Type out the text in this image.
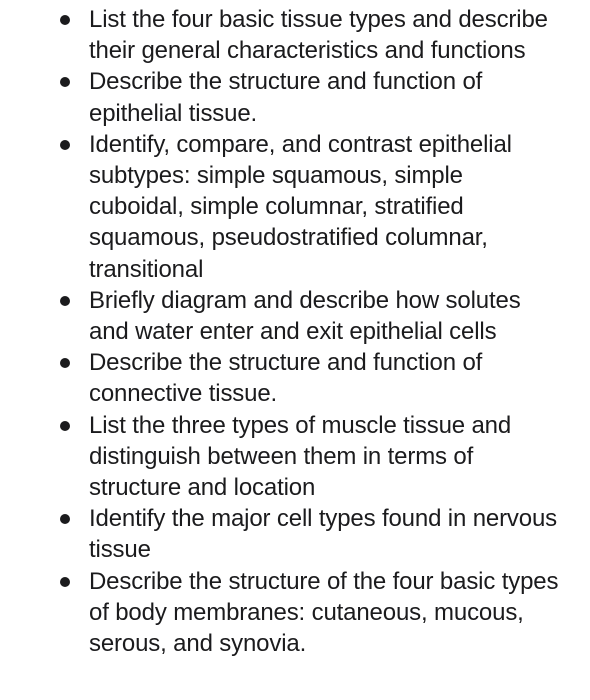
List the four basic tissue types and describe their general characteristics and functions
Describe the structure and function of epithelial tissue.
Identify, compare, and contrast epithelial subtypes: simple squamous, simple cuboidal, simple columnar, stratified squamous, pseudostratified columnar, transitional
Briefly diagram and describe how solutes and water enter and exit epithelial cells
Describe the structure and function of connective tissue.
List the three types of muscle tissue and distinguish between them in terms of structure and location
Identify the major cell types found in nervous tissue
Describe the structure of the four basic types of body membranes: cutaneous, mucous, serous, and synovia.
